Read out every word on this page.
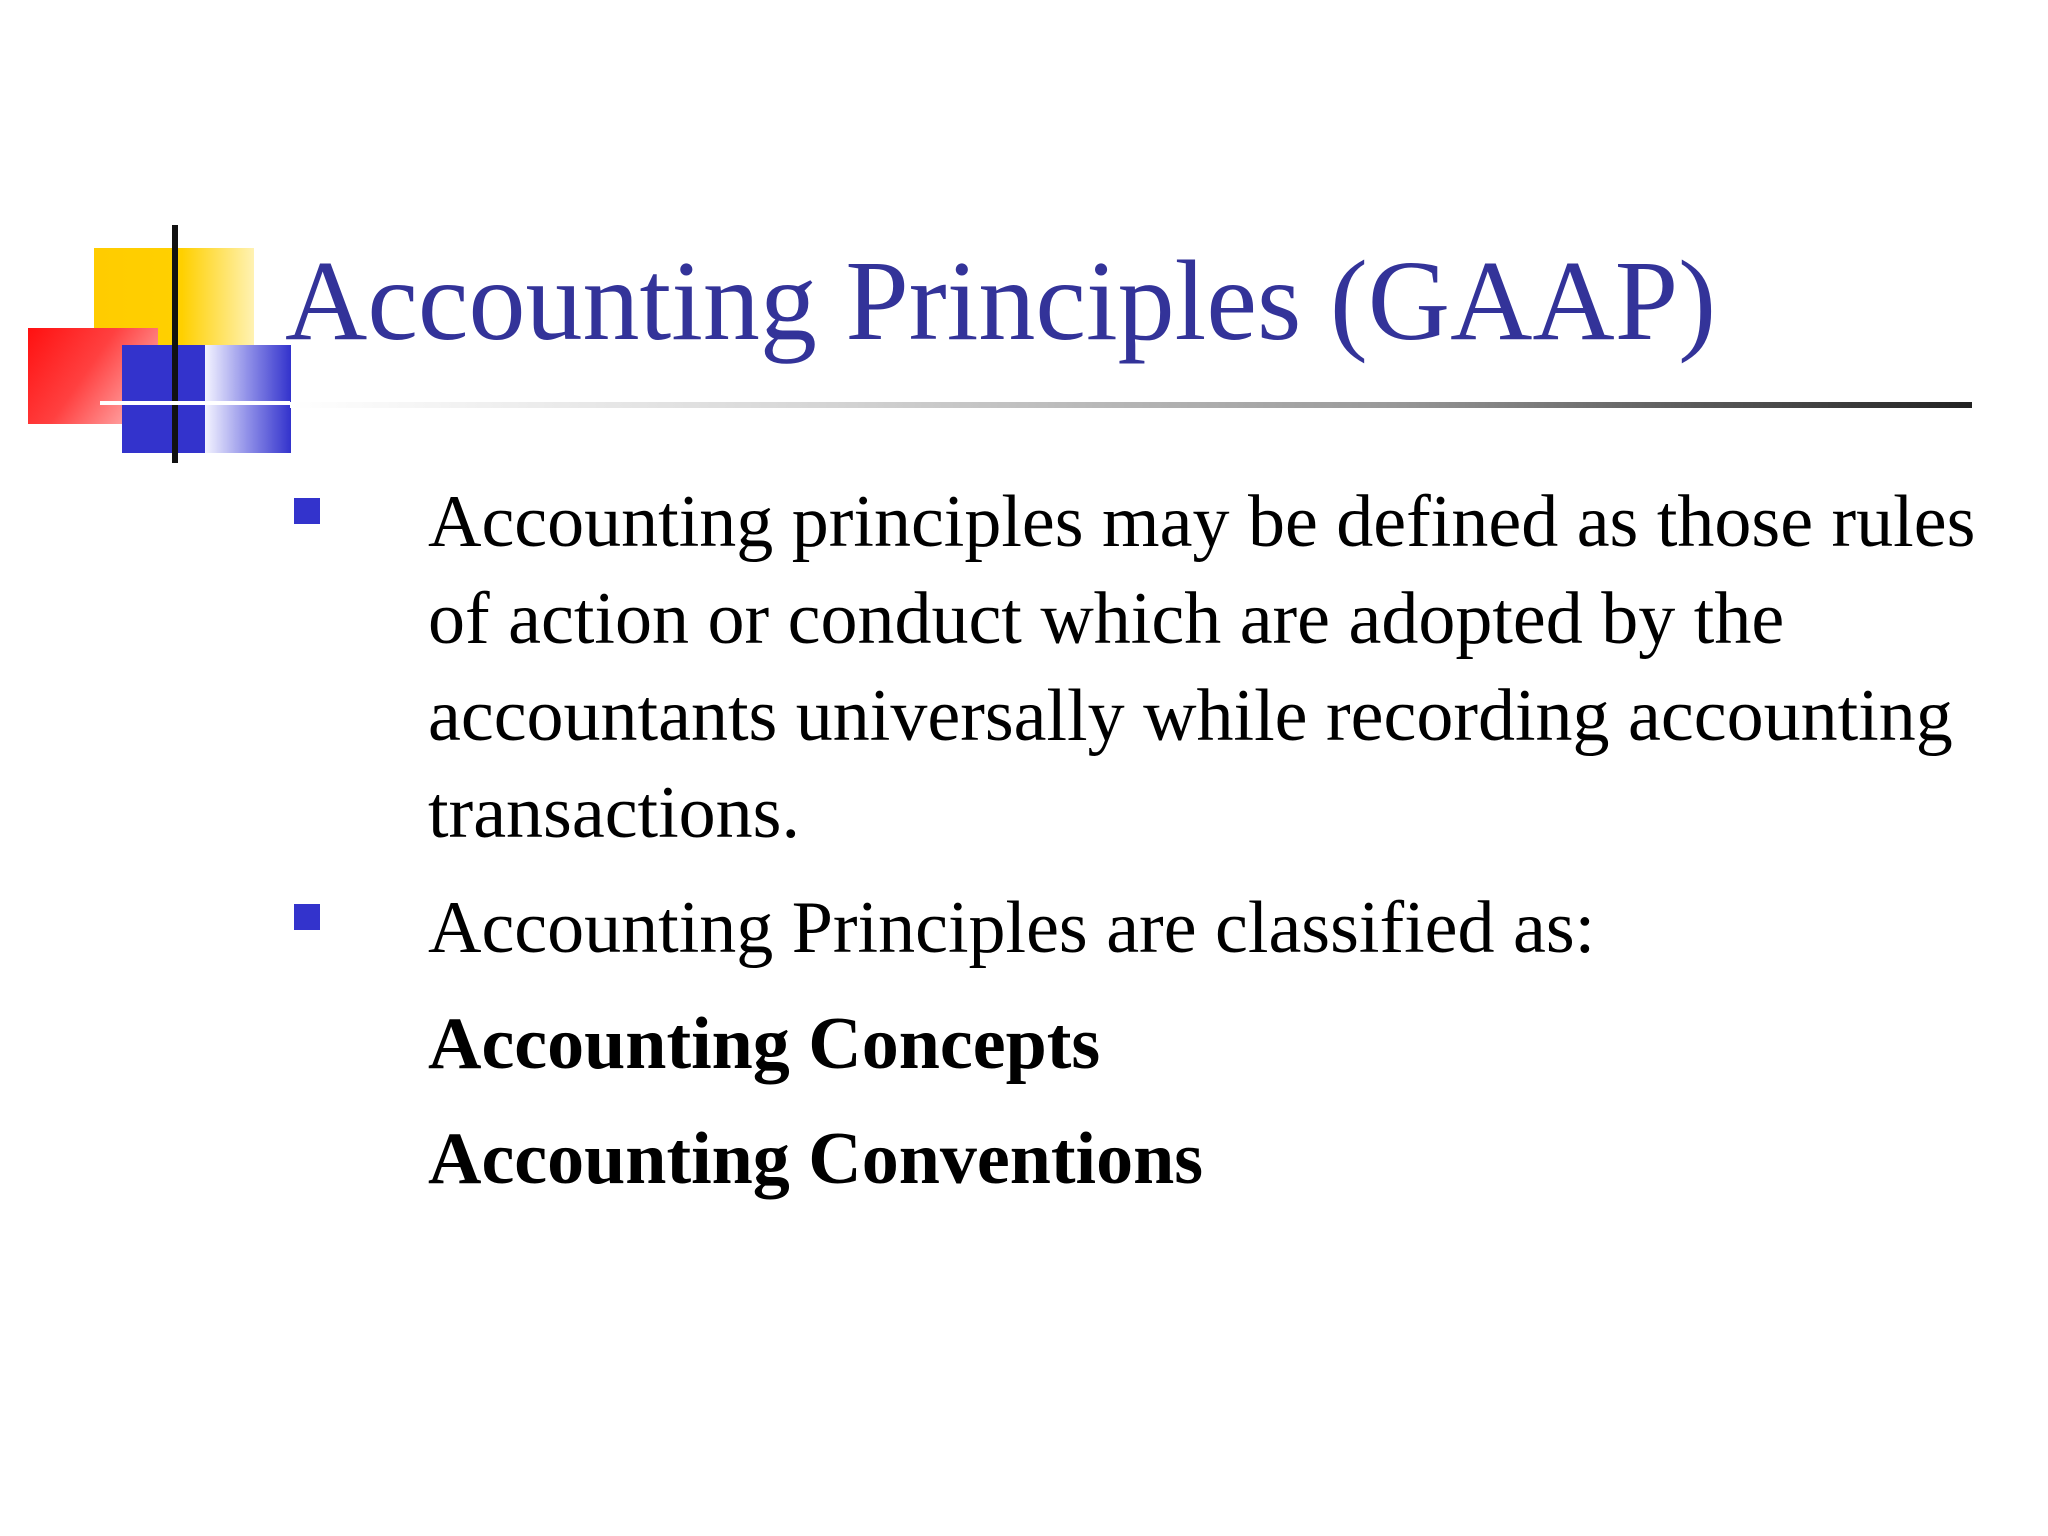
Accounting Principles (GAAP)

Accounting principles may be defined as those rules of action or conduct which are adopted by the accountants universally while recording accounting transactions.

Accounting Principles are classified as:

Accounting Concepts

Accounting Conventions
